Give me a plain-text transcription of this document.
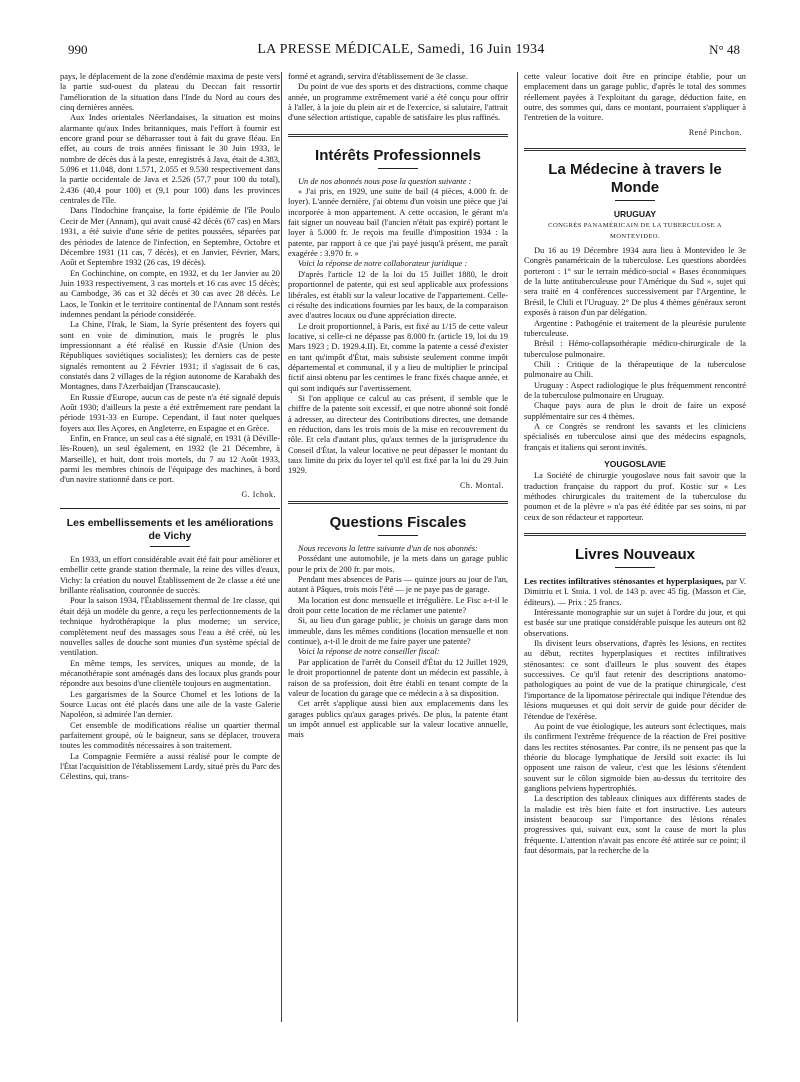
990	LA PRESSE MÉDICALE, Samedi, 16 Juin 1934	N° 48

pays, le déplacement de la zone d'endémie maxima de peste vers la partie sud-ouest du plateau du Deccan fait ressortir l'amélioration de la situation dans l'Inde du Nord au cours des cinq dernières années.

Aux Indes orientales Néerlandaises, la situation est moins alarmante qu'aux Indes britanniques, mais l'effort à fournir est encore grand pour se débarrasser tout à fait du grave fléau. En effet, au cours de trois années finissant le 30 Juin 1933, le nombre de décès dus à la peste, enregistrés à Java, était de 4.383, 5.096 et 11.048, dont 1.571, 2.055 et 9.530 respectivement dans la partie occidentale de Java et 2.526 (57,7 pour 100 du total), 2.436 (40,4 pour 100) et (9,1 pour 100) dans les provinces centrales de l'île.

Dans l'Indochine française, la forte épidémie de l'île Poulo Cecir de Mer (Annam), qui avait causé 42 décès (67 cas) en Mars 1931, a été suivie d'une série de petites poussées, séparées par des périodes de latence de l'infection, en Septembre, Octobre et Décembre 1931 (11 cas, 7 décès), et en Janvier, Février, Mars, Août et Septembre 1932 (26 cas, 19 décès).

En Cochinchine, on compte, en 1932, et du 1er Janvier au 20 Juin 1933 respectivement, 3 cas mortels et 16 cas avec 15 décès; au Cambodge, 36 cas et 32 décès et 30 cas avec 28 décès. Le Laos, le Tonkin et le territoire continental de l'Annam sont restés indemnes pendant la période considérée.

La Chine, l'Irak, le Siam, la Syrie présentent des foyers qui sont en voie de diminution, mais le progrès le plus impressionnant a été réalisé en Russie d'Asie (Union des Républiques soviétiques socialistes); les derniers cas de peste signalés remontent au 2 Février 1931; il s'agissait de 6 cas, constatés dans 2 villages de la région autonome de Karabakh des Montagnes, dans l'Azerbaïdjan (Transcaucasie).

En Russie d'Europe, aucun cas de peste n'a été signalé depuis Août 1930; d'ailleurs la peste a été extrêmement rare pendant la période 1931-33 en Europe. Cependant, il faut noter quelques foyers aux Iles Açores, en Angleterre, en Espagne et en Grèce.

Enfin, en France, un seul cas a été signalé, en 1931 (à Déville-lès-Rouen), un seul également, en 1932 (le 21 Décembre, à Marseille), et huit, dont trois mortels, du 7 au 12 Août 1933, parmi les membres chinois de l'équipage des machines, à bord d'un navire stationné dans ce port.

G. Ichok.
Les embellissements et les améliorations de Vichy

En 1933, un effort considérable avait été fait pour améliorer et embellir cette grande station thermale, la reine des villes d'eaux, Vichy: la création du nouvel Établissement de 2e classe a été une brillante réalisation, couronnée de succès.

Pour la saison 1934, l'Établissement thermal de 1re classe, qui était déjà un modèle du genre, a reçu les perfectionnements de la technique hydrothérapique la plus moderne; un service, complètement neuf des massages sous l'eau a été créé, où les nouvelles salles de douche sont munies d'un système spécial de ventilation.

En même temps, les services, uniques au monde, de la mécanothérapie sont aménagés dans des locaux plus grands pour répondre aux besoins d'une clientèle toujours en augmentation.

Les gargarismes de la Source Chomel et les lotions de la Source Lucas ont été placés dans une aile de la vaste Galerie Napoléon, si admirée l'an dernier.

Cet ensemble de modifications réalise un quartier thermal parfaitement groupé, où le baigneur, sans se déplacer, trouvera toutes les commodités nécessaires à son traitement.

La Compagnie Fermière a aussi réalisé pour le compte de l'État l'acquisition de l'établissement Lardy, situé près du Parc des Célestins, qui, trans-

formé et agrandi, servira d'établissement de 3e classe.

Du point de vue des sports et des distractions, comme chaque année, un programme extrêmement varié a été conçu pour offrir à l'aller, à la joie du plein air et de l'exercice, si salutaire, l'attrait d'une sélection artistique, capable de satisfaire les plus raffinés.

Intérêts Professionnels

Un de nos abonnés nous pose la question suivante :

« J'ai pris, en 1929, une suite de bail (4 pièces, 4.000 fr. de loyer). L'année dernière, j'ai obtenu d'un voisin une pièce que j'ai incorporée à mon appartement. A cette occasion, le gérant m'a fait signer un nouveau bail (l'ancien n'était pas expiré) portant le loyer à 5.000 fr. Je reçois ma feuille d'imposition 1934 : la patente, par rapport à ce que j'ai payé jusqu'à présent, me paraît exagérée : 3.970 fr. »

Voici la réponse de notre collaborateur juridique :

D'après l'article 12 de la loi du 15 Juillet 1880, le droit proportionnel de patente, qui est seul applicable aux professions libérales, est établi sur la valeur locative de l'appartement. Celle-ci résulte des indications fournies par les baux, de la comparaison avec d'autres locaux ou d'une appréciation directe.

Le droit proportionnel, à Paris, est fixé au 1/15 de cette valeur locative, si celle-ci ne dépasse pas 8.000 fr. (article 19, loi du 19 Mars 1923 ; D. 1929.4.II). Et, comme la patente a cessé d'exister en tant qu'impôt d'État, mais subsiste seulement comme impôt départemental et communal, il y a lieu de multiplier le principal fictif ainsi obtenu par les centimes le franc fixés chaque année, et qui sont indiqués sur l'avertissement.

Si l'on applique ce calcul au cas présent, il semble que le chiffre de la patente soit excessif, et que notre abonné soit fondé à adresser, au directeur des Contributions directes, une demande en réduction, dans les trois mois de la mise en recouvrement du rôle. Et cela d'autant plus, qu'aux termes de la jurisprudence du Conseil d'État, la valeur locative ne peut dépasser le montant du taux limite du prix du loyer tel qu'il est fixé par la loi du 29 Juin 1929.

Ch. Montal.
Questions Fiscales

Nous recevons la lettre suivante d'un de nos abonnés:

Possédant une automobile, je la mets dans un garage public pour le prix de 200 fr. par mois.

Pendant mes absences de Paris — quinze jours au jour de l'an, autant à Pâques, trois mois l'été — je ne paye pas de garage.

Ma location est donc mensuelle et irrégulière. Le Fisc a-t-il le droit pour cette location de me réclamer une patente?

Si, au lieu d'un garage public, je choisis un garage dans mon immeuble, dans les mêmes conditions (location mensuelle et non continue), a-t-il le droit de me faire payer une patente?

Voici la réponse de notre conseiller fiscal:

Par application de l'arrêt du Conseil d'État du 12 Juillet 1929, le droit proportionnel de patente dont un médecin est passible, à raison de sa profession, doit être établi en tenant compte de la valeur de location du garage que ce médecin a à sa disposition.

Cet arrêt s'applique aussi bien aux emplacements dans les garages publics qu'aux garages privés. De plus, la patente étant un impôt annuel est applicable sur la valeur locative annuelle, mais

cette valeur locative doit être en principe établie, pour un emplacement dans un garage public, d'après le total des sommes réellement payées à l'exploitant du garage, déduction faite, en outre, des sommes qui, dans ce montant, pourraient s'appliquer à l'entretien de la voiture.

René Pinchon.
La Médecine à travers le Monde
URUGUAY
CONGRÈS PANAMÉRICAIN DE LA TUBERCULOSE A MONTEVIDEO.

Du 16 au 19 Décembre 1934 aura lieu à Montevideo le 3e Congrès panaméricain de la tuberculose. Les questions abordées porteront : 1° sur le terrain médico-social « Bases économiques de la lutte antituberculeuse pour l'Amérique du Sud », sujet qui sera traité en 4 conférences successivement par l'Argentine, le Brésil, le Chili et l'Uruguay. 2° De plus 4 thèmes généraux seront exposés à raison d'un par délégation.

Argentine : Pathogénie et traitement de la pleurésie purulente tuberculeuse.

Brésil : Hémo-collapsothérapie médico-chirurgicale de la tuberculose pulmonaire.

Chili : Critique de la thérapeutique de la tuberculose pulmonaire au Chili.

Uruguay : Aspect radiologique le plus fréquemment rencontré de la tuberculose pulmonaire en Uruguay.

Chaque pays aura de plus le droit de faire un exposé supplémentaire sur ces 4 thèmes.

A ce Congrès se rendront les savants et les cliniciens spécialisés en tuberculose ainsi que des médecins espagnols, français et italiens qui seront invités.

YOUGOSLAVIE

La Société de chirurgie yougoslave nous fait savoir que la traduction française du rapport du prof. Kostic sur « Les méthodes chirurgicales du traitement de la tuberculose du poumon et de la plèvre » n'a pas été éditée par ses soins, ni par ceux de son rédacteur et rapporteur.

Livres Nouveaux

Les rectites infiltratives sténosantes et hyperplasiques, par V. Dimitriu et I. Stoia. 1 vol. de 143 p. avec 45 fig. (Masson et Cie, éditeurs). — Prix : 25 francs.

Intéressante monographie sur un sujet à l'ordre du jour, et qui est basée sur une pratique considérable puisque les auteurs ont 82 observations.

Ils divisent leurs observations, d'après les lésions, en rectites au début, rectites hyperplasiques et rectites infiltratives sténosantes: ce sont d'ailleurs le plus souvent des étapes successives. Ce qu'il faut retenir des descriptions anatomo-pathologiques au point de vue de la pratique chirurgicale, c'est l'importance de la lipomatose périrectale qui indique l'étendue des lésions muqueuses et qui doit servir de guide pour décider de l'étendue de l'exérèse.

Au point de vue étiologique, les auteurs sont éclectiques, mais ils confirment l'extrême fréquence de la réaction de Frei positive dans les rectites sténosantes. Par contre, ils ne pensent pas que la théorie du blocage lymphatique de Jersild soit exacte: ils lui opposent une raison de valeur, c'est que les lésions s'étendent souvent sur le côlon sigmoïde bien au-dessus du territoire des ganglions pelviens hypertrophiés.

La description des tableaux cliniques aux différents stades de la maladie est très bien faite et fort instructive. Les auteurs insistent beaucoup sur l'importance des lésions rénales progressives qui, suivant eux, sont la cause de mort la plus fréquente. L'attention n'avait pas encore été attirée sur ce point; il faut désormais, par la recherche de la
